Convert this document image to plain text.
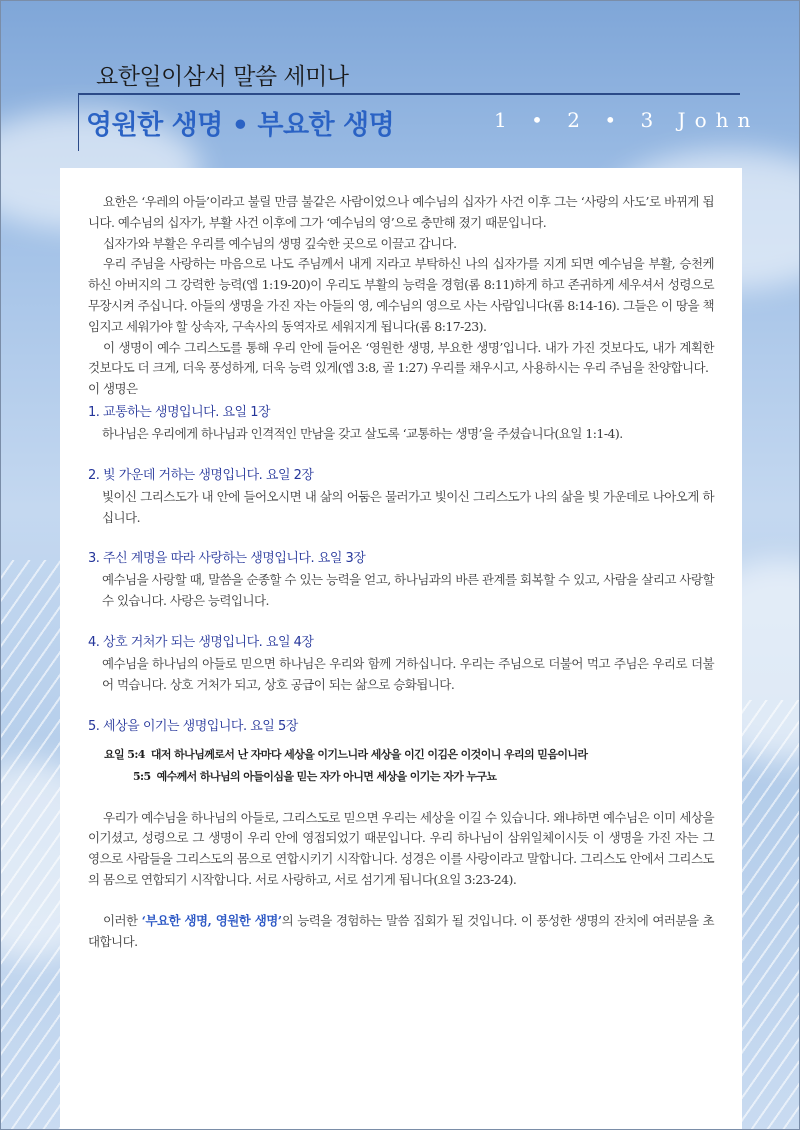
요한일이삼서 말씀 세미나
영원한 생명 • 부요한 생명	1 • 2 • 3 John

요한은 ‘우레의 아들’이라고 불릴 만큼 불같은 사람이었으나 예수님의 십자가 사건 이후 그는 ‘사랑의 사도’로 바뀌게 됩니다. 예수님의 십자가, 부활 사건 이후에 그가 ‘예수님의 영’으로 충만해 졌기 때문입니다.

십자가와 부활은 우리를 예수님의 생명 깊숙한 곳으로 이끌고 갑니다.

우리 주님을 사랑하는 마음으로 나도 주님께서 내게 지라고 부탁하신 나의 십자가를 지게 되면 예수님을 부활, 승천케 하신 아버지의 그 강력한 능력(엡 1:19-20)이 우리도 부활의 능력을 경험(롬 8:11)하게 하고 존귀하게 세우셔서 성령으로 무장시켜 주십니다. 아들의 생명을 가진 자는 아들의 영, 예수님의 영으로 사는 사람입니다(롬 8:14-16). 그들은 이 땅을 책임지고 세워가야 할 상속자, 구속사의 동역자로 세워지게 됩니다(롬 8:17-23).

이 생명이 예수 그리스도를 통해 우리 안에 들어온 ‘영원한 생명, 부요한 생명’입니다. 내가 가진 것보다도, 내가 계획한 것보다도 더 크게, 더욱 풍성하게, 더욱 능력 있게(엡 3:8, 골 1:27) 우리를 채우시고, 사용하시는 우리 주님을 찬양합니다.

이 생명은

1. 교통하는 생명입니다. 요일 1장

하나님은 우리에게 하나님과 인격적인 만남을 갖고 살도록 ‘교통하는 생명’을 주셨습니다(요일 1:1-4).

2. 빛 가운데 거하는 생명입니다. 요일 2장

빛이신 그리스도가 내 안에 들어오시면 내 삶의 어둠은 물러가고 빛이신 그리스도가 나의 삶을 빛 가운데로 나아오게 하십니다.

3. 주신 계명을 따라 사랑하는 생명입니다. 요일 3장

예수님을 사랑할 때, 말씀을 순종할 수 있는 능력을 얻고, 하나님과의 바른 관계를 회복할 수 있고, 사람을 살리고 사랑할 수 있습니다. 사랑은 능력입니다.

4. 상호 거처가 되는 생명입니다. 요일 4장

예수님을 하나님의 아들로 믿으면 하나님은 우리와 함께 거하십니다. 우리는 주님으로 더불어 먹고 주님은 우리로 더불어 먹습니다. 상호 거처가 되고, 상호 공급이 되는 삶으로 승화됩니다.

5. 세상을 이기는 생명입니다. 요일 5장
요일 5:4 대저 하나님께로서 난 자마다 세상을 이기느니라 세상을 이긴 이김은 이것이니 우리의 믿음이니라
5:5 예수께서 하나님의 아들이심을 믿는 자가 아니면 세상을 이기는 자가 누구뇨

우리가 예수님을 하나님의 아들로, 그리스도로 믿으면 우리는 세상을 이길 수 있습니다. 왜냐하면 예수님은 이미 세상을 이기셨고, 성령으로 그 생명이 우리 안에 영접되었기 때문입니다. 우리 하나님이 삼위일체이시듯 이 생명을 가진 자는 그 영으로 사람들을 그리스도의 몸으로 연합시키기 시작합니다. 성경은 이를 사랑이라고 말합니다. 그리스도 안에서 그리스도의 몸으로 연합되기 시작합니다. 서로 사랑하고, 서로 섬기게 됩니다(요일 3:23-24).

이러한 ‘부요한 생명, 영원한 생명’의 능력을 경험하는 말씀 집회가 될 것입니다. 이 풍성한 생명의 잔치에 여러분을 초대합니다.
